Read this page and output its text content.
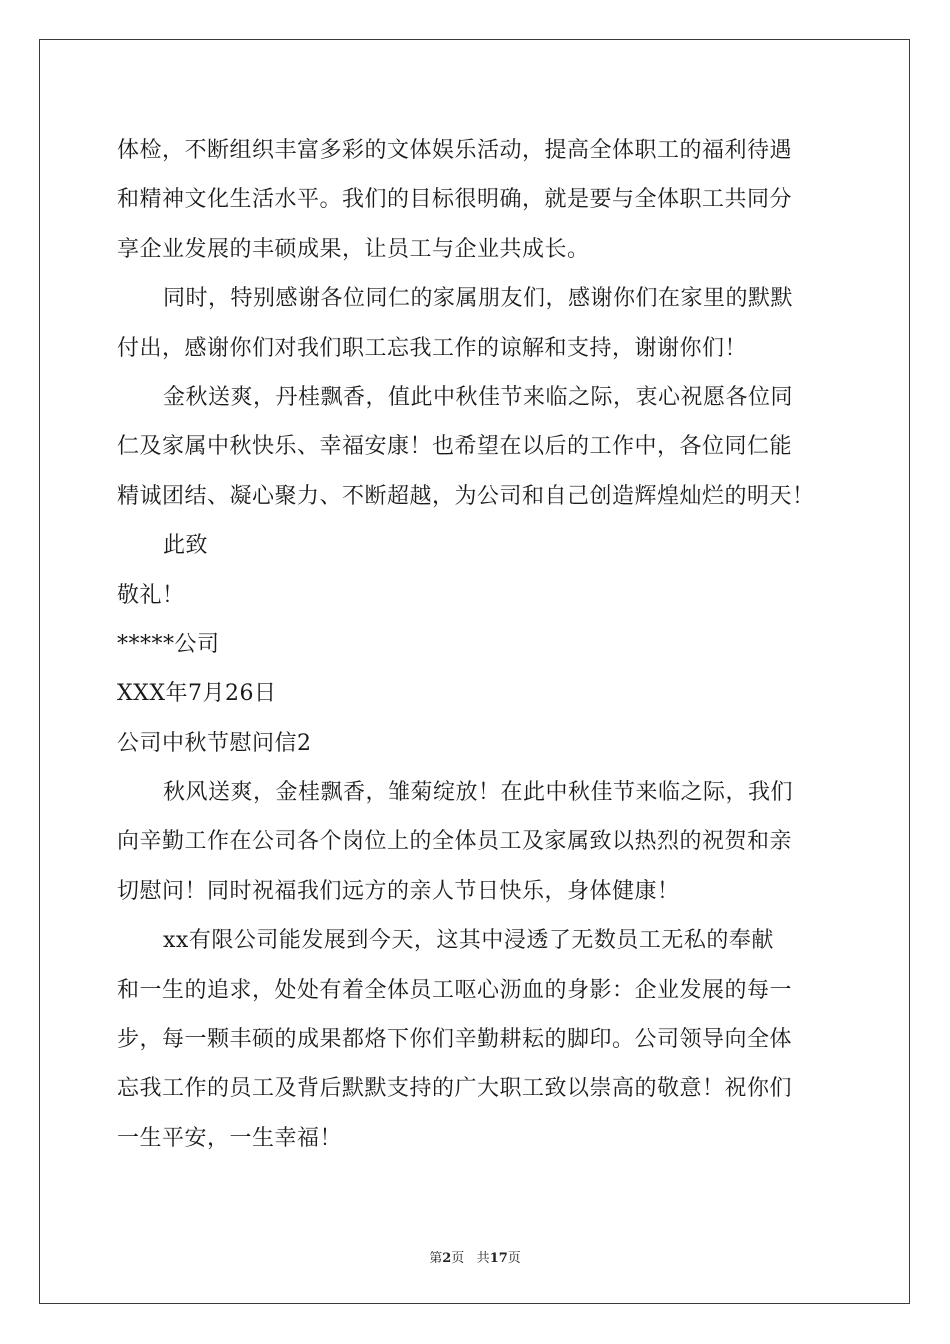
体检，不断组织丰富多彩的文体娱乐活动，提高全体职工的福利待遇
和精神文化生活水平。我们的目标很明确，就是要与全体职工共同分
享企业发展的丰硕成果，让员工与企业共成长。
同时，特别感谢各位同仁的家属朋友们，感谢你们在家里的默默
付出，感谢你们对我们职工忘我工作的谅解和支持，谢谢你们！
金秋送爽，丹桂飘香，值此中秋佳节来临之际，衷心祝愿各位同
仁及家属中秋快乐、幸福安康！也希望在以后的工作中，各位同仁能
精诚团结、凝心聚力、不断超越，为公司和自己创造辉煌灿烂的明天！
此致
敬礼！
*****公司
XXX年7月26日
公司中秋节慰问信2
秋风送爽，金桂飘香，雏菊绽放！在此中秋佳节来临之际，我们
向辛勤工作在公司各个岗位上的全体员工及家属致以热烈的祝贺和亲
切慰问！同时祝福我们远方的亲人节日快乐，身体健康！
xx有限公司能发展到今天，这其中浸透了无数员工无私的奉献
和一生的追求，处处有着全体员工呕心沥血的身影：企业发展的每一
步，每一颗丰硕的成果都烙下你们辛勤耕耘的脚印。公司领导向全体
忘我工作的员工及背后默默支持的广大职工致以崇高的敬意！祝你们
一生平安，一生幸福！
第2页 共17页
